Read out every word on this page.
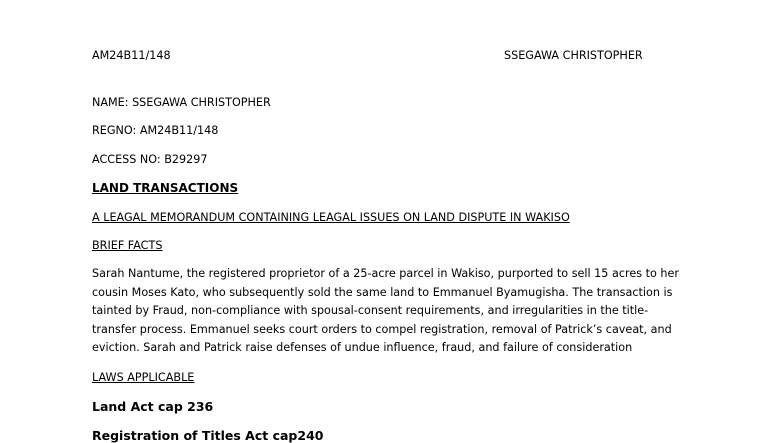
AM24B11/148	SSEGAWA CHRISTOPHER
NAME: SSEGAWA CHRISTOPHER
REGNO: AM24B11/148
ACCESS NO: B29297
LAND TRANSACTIONS
A LEAGAL MEMORANDUM CONTAINING LEAGAL ISSUES ON LAND DISPUTE IN WAKISO
BRIEF FACTS
Sarah Nantume, the registered proprietor of a 25-acre parcel in Wakiso, purported to sell 15 acres to her
cousin Moses Kato, who subsequently sold the same land to Emmanuel Byamugisha. The transaction is
tainted by Fraud, non-compliance with spousal-consent requirements, and irregularities in the title-
transfer process. Emmanuel seeks court orders to compel registration, removal of Patrick’s caveat, and
eviction. Sarah and Patrick raise defenses of undue influence, fraud, and failure of consideration
LAWS APPLICABLE
Land Act cap 236
Registration of Titles Act cap240
